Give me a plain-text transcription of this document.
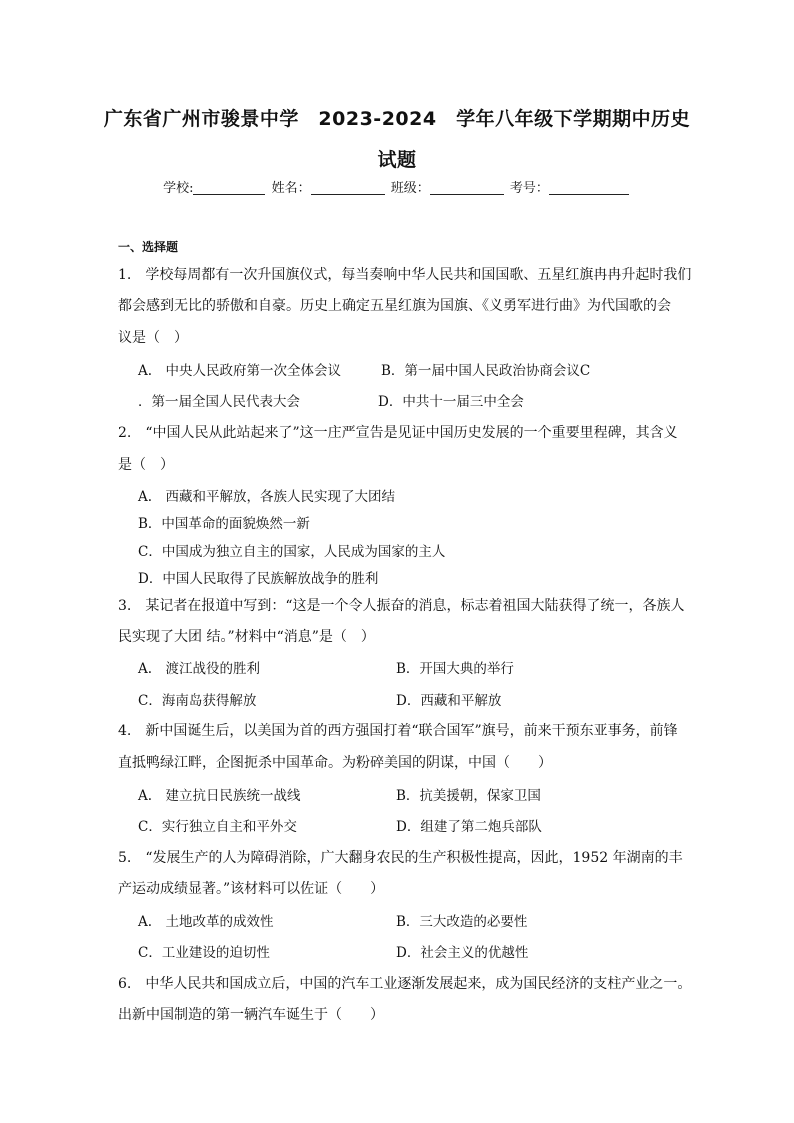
广东省广州市骏景中学　2023-2024　学年八年级下学期期中历史
试题
学校:	姓名：	班级：	考号：
一、选择题
1.　学校每周都有一次升国旗仪式，每当奏响中华人民共和国国歌、五星红旗冉冉升起时我们
都会感到无比的骄傲和自豪。历史上确定五星红旗为国旗、《义勇军进行曲》为代国歌的会
议是（　）
A.　中央人民政府第一次全体会议	B．第一届中国人民政治协商会议C
．第一届全国人民代表大会	D．中共十一届三中全会
2.　“中国人民从此站起来了”这一庄严宣告是见证中国历史发展的一个重要里程碑，其含义
是（　）
A.　西藏和平解放，各族人民实现了大团结
B．中国革命的面貌焕然一新
C．中国成为独立自主的国家，人民成为国家的主人
D．中国人民取得了民族解放战争的胜利
3.　某记者在报道中写到：“这是一个令人振奋的消息，标志着祖国大陆获得了统一，各族人
民实现了大团 结。”材料中“消息”是（　）
A.　渡江战役的胜利	B．开国大典的举行
C．海南岛获得解放	D．西藏和平解放
4.　新中国诞生后，以美国为首的西方强国打着“联合国军”旗号，前来干预东亚事务，前锋
直抵鸭绿江畔，企图扼杀中国革命。为粉碎美国的阴谋，中国（　　）
A.　建立抗日民族统一战线	B．抗美援朝，保家卫国
C．实行独立自主和平外交	D．组建了第二炮兵部队
5.　“发展生产的人为障碍消除，广大翻身农民的生产积极性提高，因此，1952 年湖南的丰
产运动成绩显著。”该材料可以佐证（　　）
A.　土地改革的成效性	B．三大改造的必要性
C．工业建设的迫切性	D．社会主义的优越性
6.　中华人民共和国成立后，中国的汽车工业逐渐发展起来，成为国民经济的支柱产业之一。
出新中国制造的第一辆汽车诞生于（　　）
